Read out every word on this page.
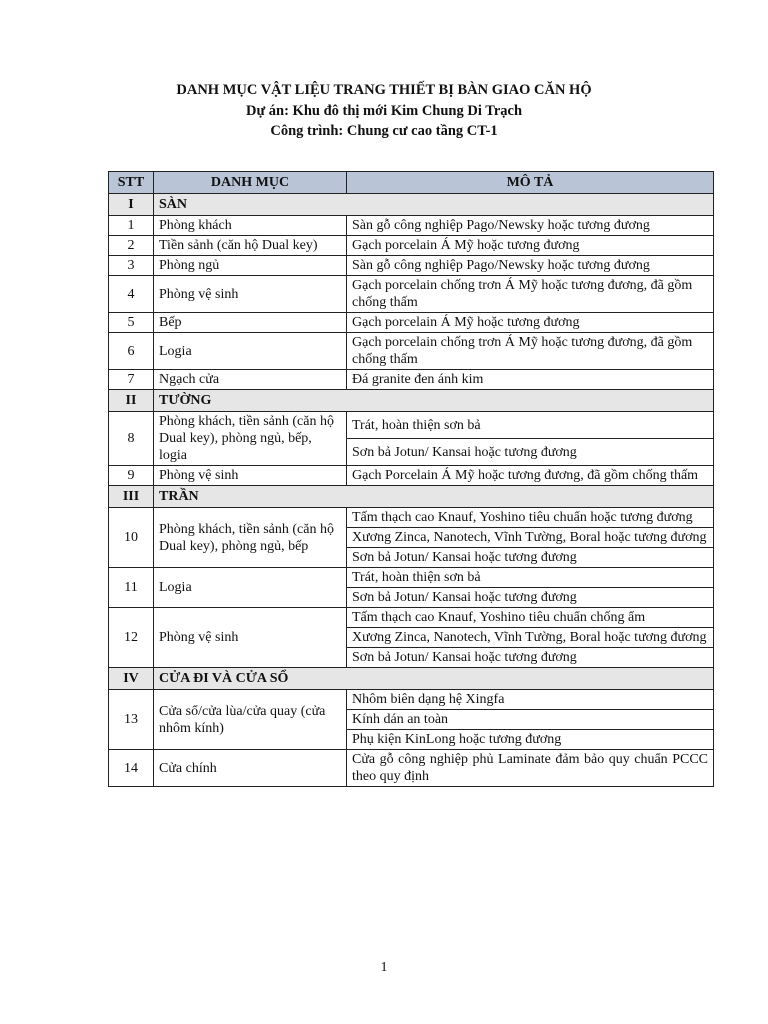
DANH MỤC VẬT LIỆU TRANG THIẾT BỊ BÀN GIAO CĂN HỘ
Dự án: Khu đô thị mới Kim Chung Di Trạch
Công trình: Chung cư cao tầng CT-1
STT	DANH MỤC	MÔ TẢ
I	SÀN	
1	Phòng khách	Sàn gỗ công nghiệp Pago/Newsky hoặc tương đương
2	Tiền sảnh (căn hộ Dual key)	Gạch porcelain Á Mỹ hoặc tương đương
3	Phòng ngủ	Sàn gỗ công nghiệp Pago/Newsky hoặc tương đương
4	Phòng vệ sinh	Gạch porcelain chống trơn Á Mỹ hoặc tương đương, đã gồm chống thấm
5	Bếp	Gạch porcelain Á Mỹ hoặc tương đương
6	Logia	Gạch porcelain chống trơn Á Mỹ hoặc tương đương, đã gồm chống thấm
7	Ngạch cửa	Đá granite đen ánh kim
II	TƯỜNG	
8	Phòng khách, tiền sảnh (căn hộ Dual key), phòng ngủ, bếp, logia	Trát, hoàn thiện sơn bả
		Sơn bả Jotun/ Kansai hoặc tương đương
9	Phòng vệ sinh	Gạch Porcelain Á Mỹ hoặc tương đương, đã gồm chống thấm
III	TRẦN	
10	Phòng khách, tiền sảnh (căn hộ Dual key), phòng ngủ, bếp	Tấm thạch cao Knauf, Yoshino tiêu chuẩn hoặc tương đương
		Xương Zinca, Nanotech, Vĩnh Tường, Boral hoặc tương đương
		Sơn bả Jotun/ Kansai hoặc tương đương
11	Logia	Trát, hoàn thiện sơn bả
		Sơn bả Jotun/ Kansai hoặc tương đương
12	Phòng vệ sinh	Tấm thạch cao Knauf, Yoshino tiêu chuẩn chống ẩm
		Xương Zinca, Nanotech, Vĩnh Tường, Boral hoặc tương đương
		Sơn bả Jotun/ Kansai hoặc tương đương
IV	CỬA ĐI VÀ CỬA SỔ	
13	Cửa sổ/cửa lùa/cửa quay (cửa nhôm kính)	Nhôm biên dạng hệ Xingfa
		Kính dán an toàn
		Phụ kiện KinLong hoặc tương đương
14	Cửa chính	Cửa gỗ công nghiệp phủ Laminate đảm bảo quy chuẩn PCCC theo quy định
1
